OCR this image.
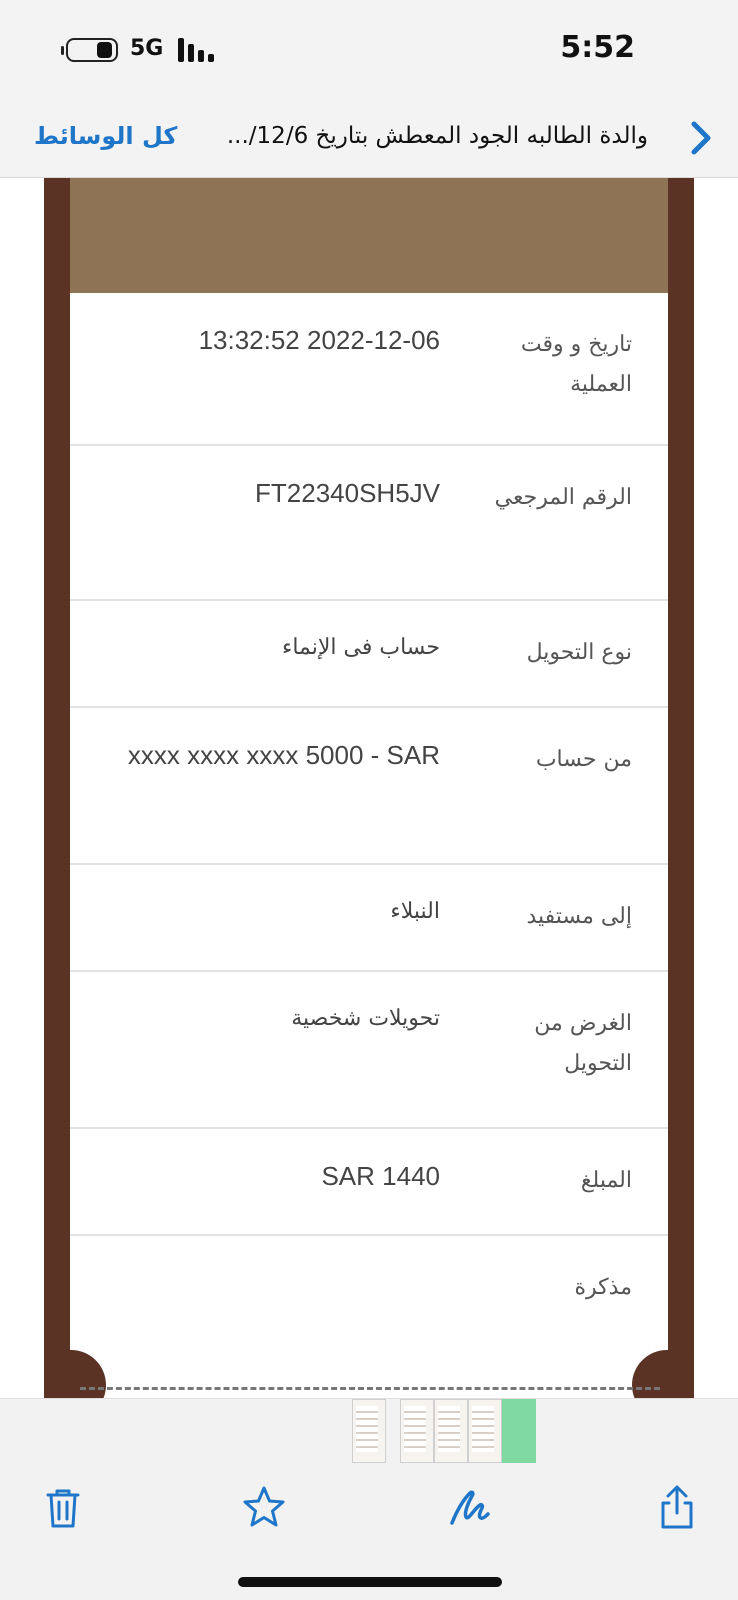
5G	5:52
كل الوسائط	والدة الطالبه الجود المعطش بتاريخ 12/6/...
تاريخ و وقت العملية
13:32:52 2022-12-06
الرقم المرجعي
FT22340SH5JV
نوع التحويل
حساب فى الإنماء
من حساب
xxxx xxxx xxxx 5000 - SAR
إلى مستفيد
النبلاء
الغرض من التحويل
تحويلات شخصية
المبلغ
SAR 1440
مذكرة
